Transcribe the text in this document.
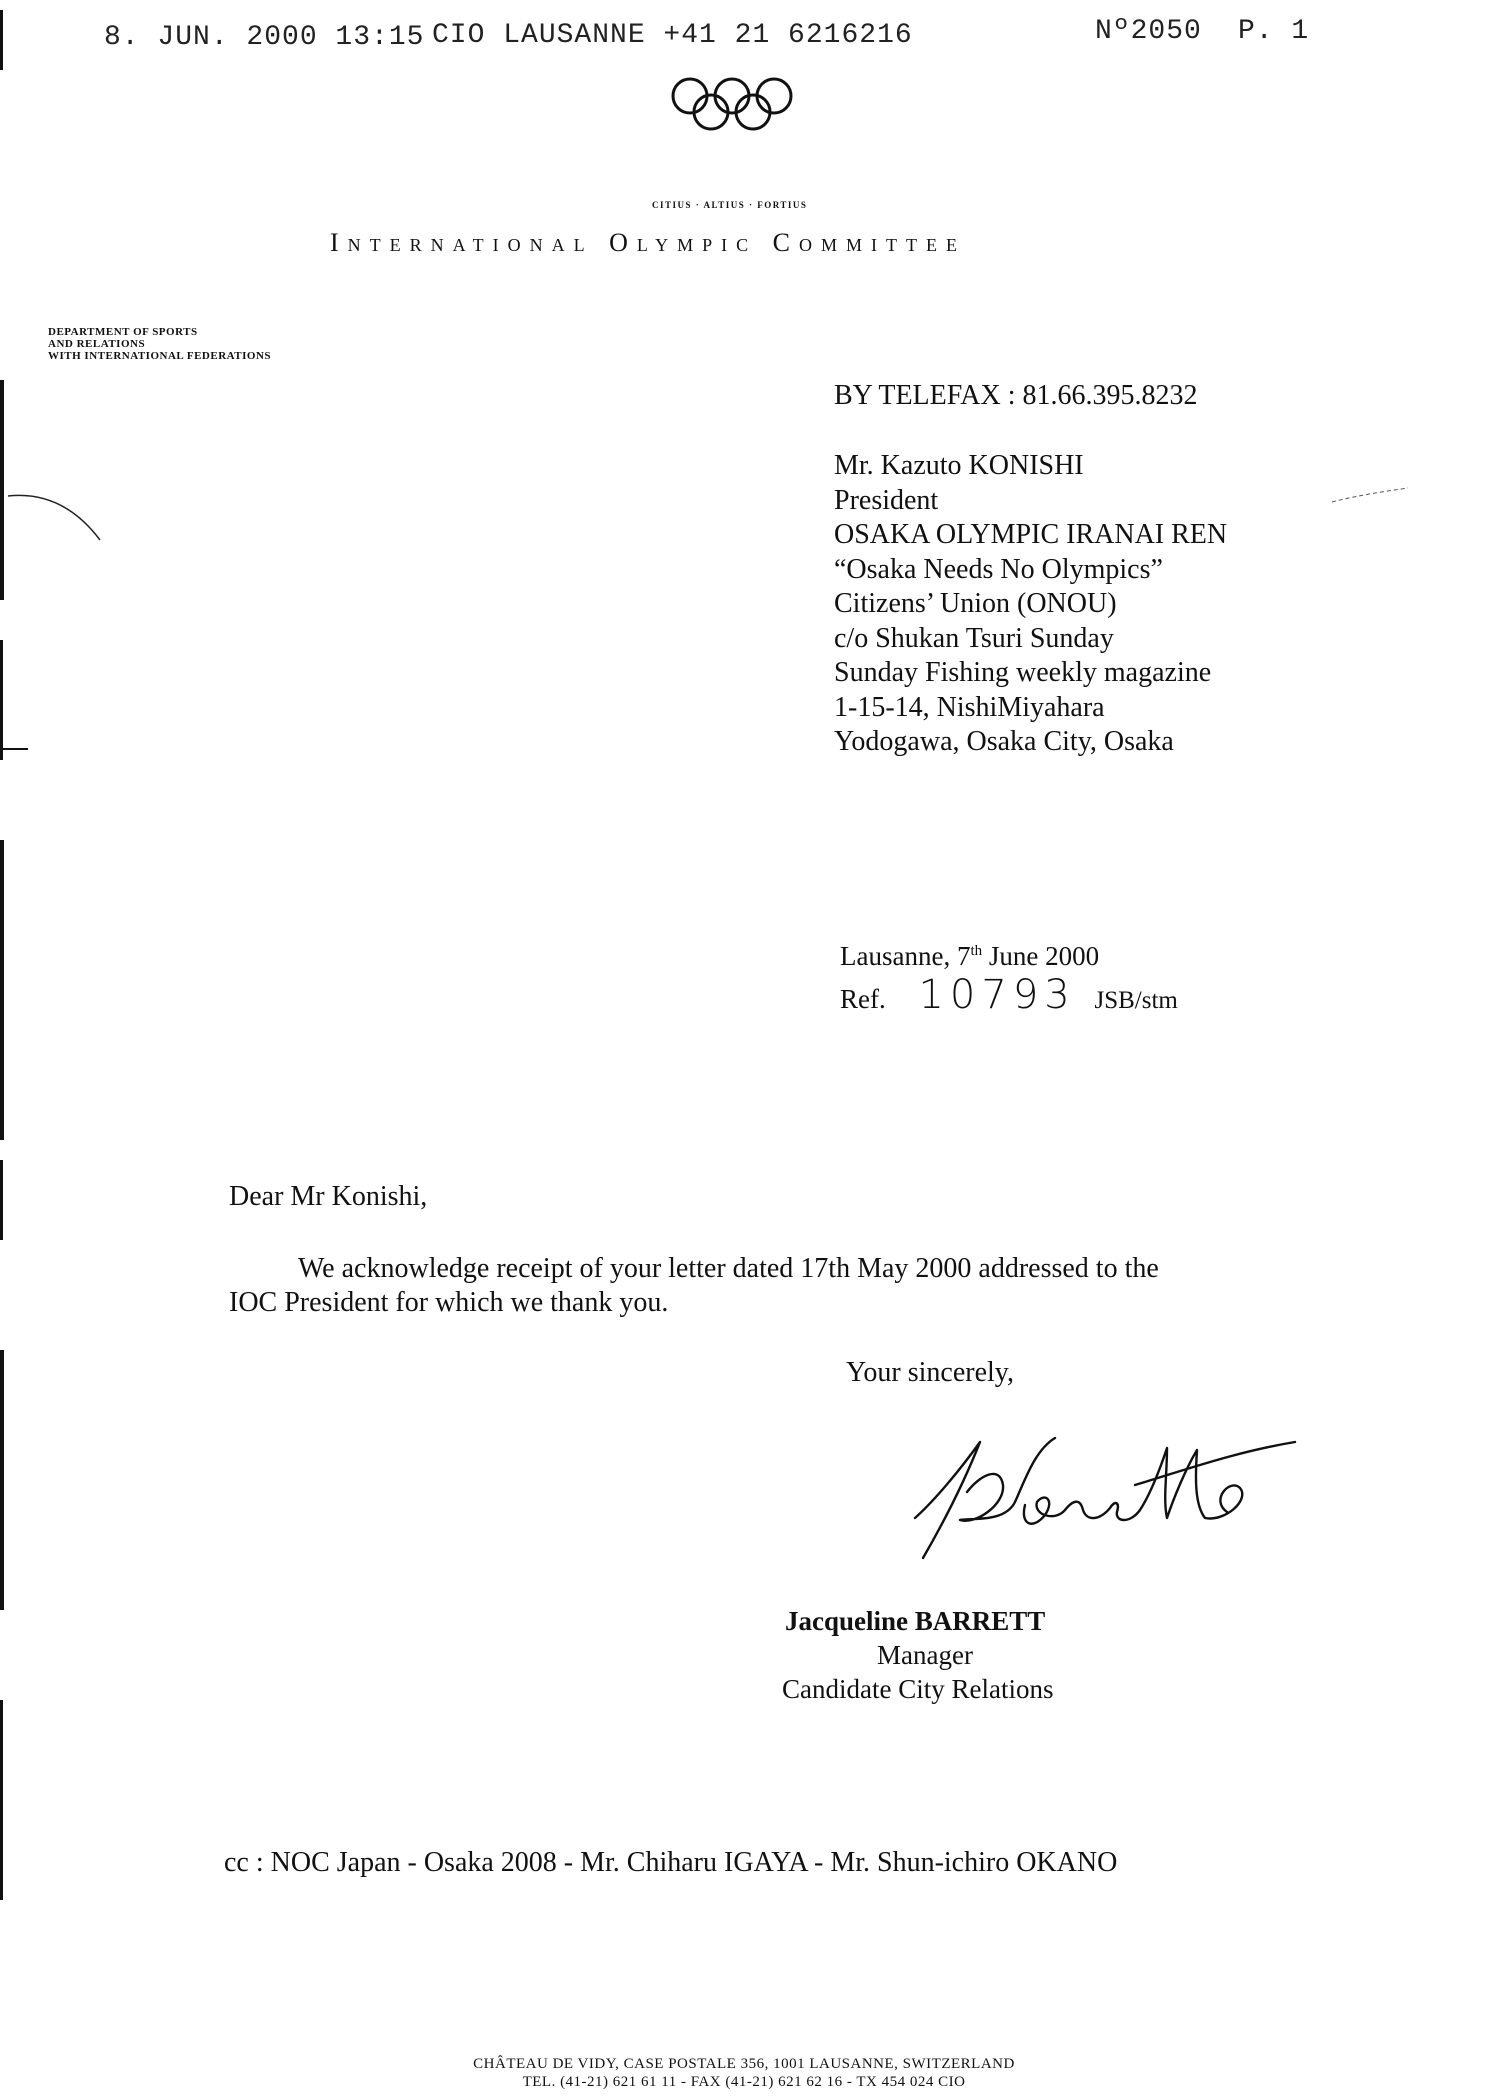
8. JUN. 2000 13:15 CIO LAUSANNE +41 21 6216216	Nº2050 P. 1
CITIUS · ALTIUS · FORTIUS
International Olympic Committee
DEPARTMENT OF SPORTS
AND RELATIONS
WITH INTERNATIONAL FEDERATIONS
BY TELEFAX : 81.66.395.8232
Mr. Kazuto KONISHI
President
OSAKA OLYMPIC IRANAI REN
“Osaka Needs No Olympics”
Citizens’ Union (ONOU)
c/o Shukan Tsuri Sunday
Sunday Fishing weekly magazine
1-15-14, NishiMiyahara
Yodogawa, Osaka City, Osaka
Lausanne, 7th June 2000
Ref. 10793 JSB/stm
Dear Mr Konishi,
We acknowledge receipt of your letter dated 17th May 2000 addressed to the
IOC President for which we thank you.
Your sincerely,
Jacqueline BARRETT
Manager
Candidate City Relations
cc : NOC Japan - Osaka 2008 - Mr. Chiharu IGAYA - Mr. Shun-ichiro OKANO
CHÂTEAU DE VIDY, CASE POSTALE 356, 1001 LAUSANNE, SWITZERLAND
TEL. (41-21) 621 61 11 - FAX (41-21) 621 62 16 - TX 454 024 CIO
